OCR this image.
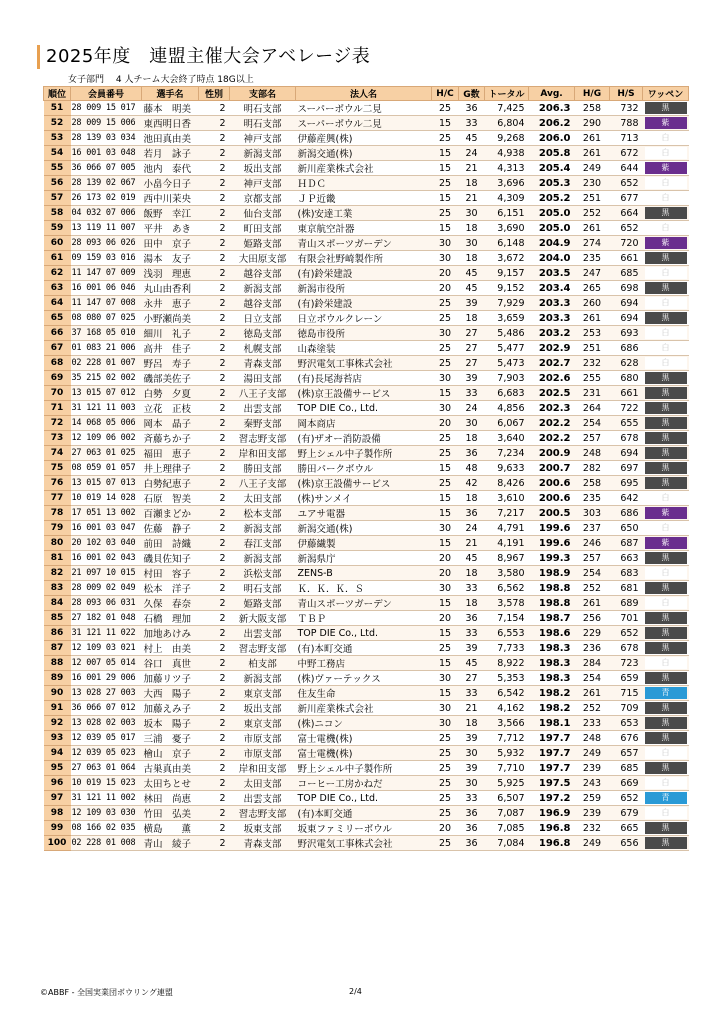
2025年度　連盟主催大会アベレージ表
女子部門　 4 人チーム大会終了時点 18G以上
順位	会員番号	選手名	性別	支部名	法人名	H/C	G数	トータル	Avg.	H/G	H/S	ワッペン
51	28 009 15 017	藤本　明美	2	明石支部	スーパーボウル二見	25	36	7,425	206.3	258	732	黒

52	28 009 15 006	東西明日香	2	明石支部	スーパーボウル二見	15	33	6,804	206.2	290	788	紫

53	28 139 03 034	池田真由美	2	神戸支部	伊藤産興(株)	25	45	9,268	206.0	261	713	白

54	16 001 03 048	若月　詠子	2	新潟支部	新潟交通(株)	15	24	4,938	205.8	261	672	白

55	36 066 07 005	池内　泰代	2	坂出支部	新川産業株式会社	15	21	4,313	205.4	249	644	紫

56	28 139 02 067	小畠今日子	2	神戸支部	ＨＤＣ	25	18	3,696	205.3	230	652	白

57	26 173 02 019	西中川茉央	2	京都支部	ＪＰ近畿	15	21	4,309	205.2	251	677	白

58	04 032 07 006	飯野　幸江	2	仙台支部	(株)安達工業	25	30	6,151	205.0	252	664	黒

59	13 119 11 007	平井　あき	2	町田支部	東京航空計器	15	18	3,690	205.0	261	652	白

60	28 093 06 026	田中　京子	2	姫路支部	青山スポーツガーデン	30	30	6,148	204.9	274	720	紫

61	09 159 03 016	湯本　友子	2	大田原支部	有限会社野崎製作所	30	18	3,672	204.0	235	661	黒

62	11 147 07 009	浅羽　理恵	2	越谷支部	(有)鈴栄建設	20	45	9,157	203.5	247	685	白

63	16 001 06 046	丸山由香利	2	新潟支部	新潟市役所	20	45	9,152	203.4	265	698	黒

64	11 147 07 008	永井　恵子	2	越谷支部	(有)鈴栄建設	25	39	7,929	203.3	260	694	白

65	08 080 07 025	小野瀬尚美	2	日立支部	日立ボウルクレーン	25	18	3,659	203.3	261	694	黒

66	37 168 05 010	細川　礼子	2	徳島支部	徳島市役所	30	27	5,486	203.2	253	693	白

67	01 083 21 006	高井　佳子	2	札幌支部	山森塗装	25	27	5,477	202.9	251	686	白

68	02 228 01 007	野呂　寿子	2	青森支部	野沢電気工事株式会社	25	27	5,473	202.7	232	628	白

69	35 215 02 002	磯部美佐子	2	湯田支部	(有)長尾海苔店	30	39	7,903	202.6	255	680	黒

70	13 015 07 012	白勢　夕夏	2	八王子支部	(株)京王設備サービス	15	33	6,683	202.5	231	661	黒

71	31 121 11 003	立花　正枝	2	出雲支部	TOP DIE Co., Ltd.	30	24	4,856	202.3	264	722	黒

72	14 068 05 006	岡本　晶子	2	秦野支部	岡本商店	20	30	6,067	202.2	254	655	黒

73	12 109 06 002	斉藤ちか子	2	習志野支部	(有)ザオー消防設備	25	18	3,640	202.2	257	678	黒

74	27 063 01 025	福田　恵子	2	岸和田支部	野上シェル中子製作所	25	36	7,234	200.9	248	694	黒

75	08 059 01 057	井上理律子	2	勝田支部	勝田パークボウル	15	48	9,633	200.7	282	697	黒

76	13 015 07 013	白勢紀恵子	2	八王子支部	(株)京王設備サービス	25	42	8,426	200.6	258	695	黒

77	10 019 14 028	石原　智美	2	太田支部	(株)サンメイ	15	18	3,610	200.6	235	642	白

78	17 051 13 002	百瀬まどか	2	松本支部	ユアサ電器	15	36	7,217	200.5	303	686	紫

79	16 001 03 047	佐藤　静子	2	新潟支部	新潟交通(株)	30	24	4,791	199.6	237	650	白

80	20 102 03 040	前田　詩織	2	春江支部	伊藤繊製	15	21	4,191	199.6	246	687	紫

81	16 001 02 043	磯貝佐知子	2	新潟支部	新潟県庁	20	45	8,967	199.3	257	663	黒

82	21 097 10 015	村田　容子	2	浜松支部	ZENS-B	20	18	3,580	198.9	254	683	白

83	28 009 02 049	松本　洋子	2	明石支部	Ｋ．Ｋ．Ｋ．Ｓ	30	33	6,562	198.8	252	681	黒

84	28 093 06 031	久保　春奈	2	姫路支部	青山スポーツガーデン	15	18	3,578	198.8	261	689	白

85	27 182 01 048	石橋　理加	2	新大阪支部	ＴＢＰ	20	36	7,154	198.7	256	701	黒

86	31 121 11 022	加地あけみ	2	出雲支部	TOP DIE Co., Ltd.	15	33	6,553	198.6	229	652	黒

87	12 109 03 021	村上　由美	2	習志野支部	(有)本町交通	25	39	7,733	198.3	236	678	黒

88	12 007 05 014	谷口　真世	2	柏支部	中野工務店	15	45	8,922	198.3	284	723	白

89	16 001 29 006	加藤リツ子	2	新潟支部	(株)ヴァーテックス	30	27	5,353	198.3	254	659	黒

90	13 028 27 003	大西　陽子	2	東京支部	住友生命	15	33	6,542	198.2	261	715	青

91	36 066 07 012	加藤えみ子	2	坂出支部	新川産業株式会社	30	21	4,162	198.2	252	709	黒

92	13 028 02 003	坂本　陽子	2	東京支部	(株)ニコン	30	18	3,566	198.1	233	653	黒

93	12 039 05 017	三浦　憂子	2	市原支部	富士電機(株)	25	39	7,712	197.7	248	676	黒

94	12 039 05 023	檜山　京子	2	市原支部	富士電機(株)	25	30	5,932	197.7	249	657	白

95	27 063 01 064	古巣真由美	2	岸和田支部	野上シェル中子製作所	25	39	7,710	197.7	239	685	黒

96	10 019 15 023	太田ちとせ	2	太田支部	コーヒー工房かねだ	25	30	5,925	197.5	243	669	白

97	31 121 11 002	林田　尚恵	2	出雲支部	TOP DIE Co., Ltd.	25	33	6,507	197.2	259	652	青

98	12 109 03 030	竹田　弘美	2	習志野支部	(有)本町交通	25	36	7,087	196.9	239	679	白

99	08 166 02 035	横島　　薫	2	坂東支部	坂東ファミリーボウル	20	36	7,085	196.8	232	665	黒

100	02 228 01 008	青山　綾子	2	青森支部	野沢電気工事株式会社	25	36	7,084	196.8	249	656	黒
©ABBF - 全国実業団ボウリング連盟	2/4
